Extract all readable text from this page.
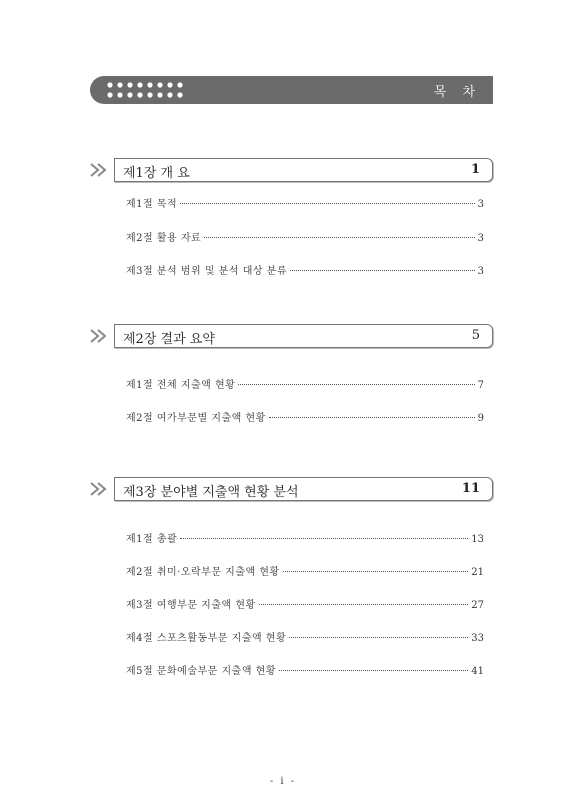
목 차
제1장 개 요	1
제1절 목적	3
제2절 활용 자료	3
제3절 분석 범위 및 분석 대상 분류	3
제2장 결과 요약	5
제1절 전체 지출액 현황	7
제2절 여가부문별 지출액 현황	9
제3장 분야별 지출액 현황 분석	11
제1절 총괄	13
제2절 취미·오락부문 지출액 현황	21
제3절 여행부문 지출액 현황	27
제4절 스포츠활동부문 지출액 현황	33
제5절 문화예술부문 지출액 현황	41
- i -
